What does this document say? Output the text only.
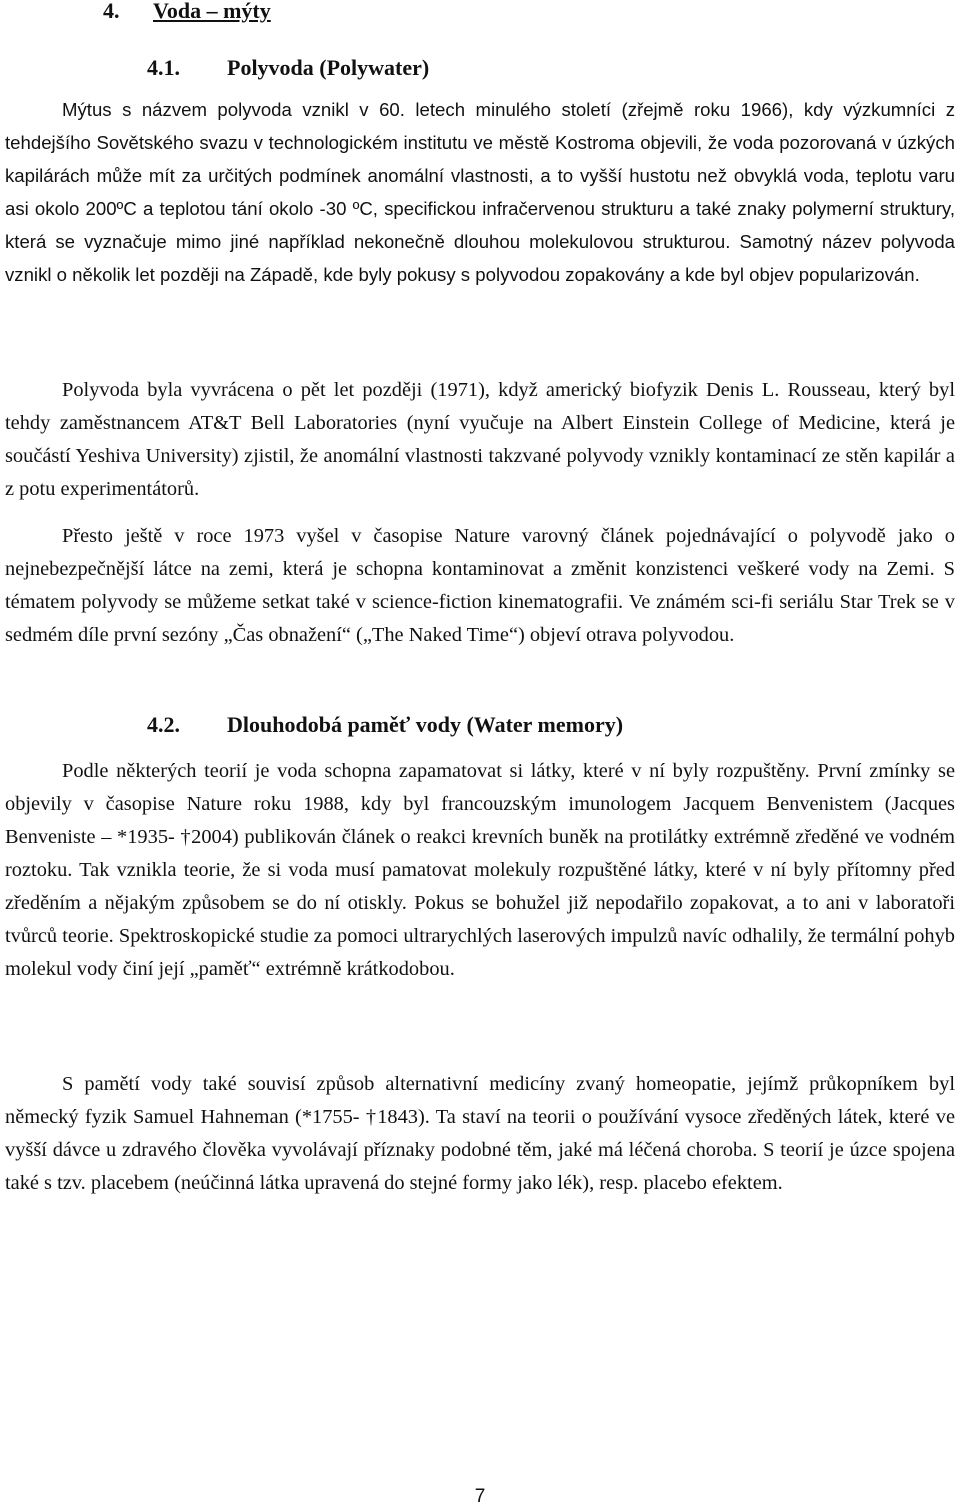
4. Voda – mýty
4.1. Polyvoda (Polywater)

Mýtus s názvem polyvoda vznikl v 60. letech minulého století (zřejmě roku 1966), kdy výzkumníci z tehdejšího Sovětského svazu v technologickém institutu ve městě Kostroma objevili, že voda pozorovaná v úzkých kapilárách může mít za určitých podmínek anomální vlastnosti, a to vyšší hustotu než obvyklá voda, teplotu varu asi okolo 200ºC a teplotou tání okolo -30 ºC, specifickou infračervenou strukturu a také znaky polymerní struktury, která se vyznačuje mimo jiné například nekonečně dlouhou molekulovou strukturou. Samotný název polyvoda vznikl o několik let později na Západě, kde byly pokusy s polyvodou zopakovány a kde byl objev popularizován.

Polyvoda byla vyvrácena o pět let později (1971), když americký biofyzik Denis L. Rousseau, který byl tehdy zaměstnancem AT&T Bell Laboratories (nyní vyučuje na Albert Einstein College of Medicine, která je součástí Yeshiva University) zjistil, že anomální vlastnosti takzvané polyvody vznikly kontaminací ze stěn kapilár a z potu experimentátorů.

Přesto ještě v roce 1973 vyšel v časopise Nature varovný článek pojednávající o polyvodě jako o nejnebezpečnější látce na zemi, která je schopna kontaminovat a změnit konzistenci veškeré vody na Zemi. S tématem polyvody se můžeme setkat také v science-fiction kinematografii. Ve známém sci-fi seriálu Star Trek se v sedmém díle první sezóny „Čas obnažení“ („The Naked Time“) objeví otrava polyvodou.

4.2. Dlouhodobá paměť vody (Water memory)

Podle některých teorií je voda schopna zapamatovat si látky, které v ní byly rozpuštěny. První zmínky se objevily v časopise Nature roku 1988, kdy byl francouzským imunologem Jacquem Benvenistem (Jacques Benveniste – *1935- †2004) publikován článek o reakci krevních buněk na protilátky extrémně zředěné ve vodném roztoku. Tak vznikla teorie, že si voda musí pamatovat molekuly rozpuštěné látky, které v ní byly přítomny před zředěním a nějakým způsobem se do ní otiskly. Pokus se bohužel již nepodařilo zopakovat, a to ani v laboratoři tvůrců teorie. Spektroskopické studie za pomoci ultrarychlých laserových impulzů navíc odhalily, že termální pohyb molekul vody činí její „paměť“ extrémně krátkodobou.

S pamětí vody také souvisí způsob alternativní medicíny zvaný homeopatie, jejímž průkopníkem byl německý fyzik Samuel Hahneman (*1755- †1843). Ta staví na teorii o používání vysoce zředěných látek, které ve vyšší dávce u zdravého člověka vyvolávají příznaky podobné těm, jaké má léčená choroba. S teorií je úzce spojena také s tzv. placebem (neúčinná látka upravená do stejné formy jako lék), resp. placebo efektem.

7
